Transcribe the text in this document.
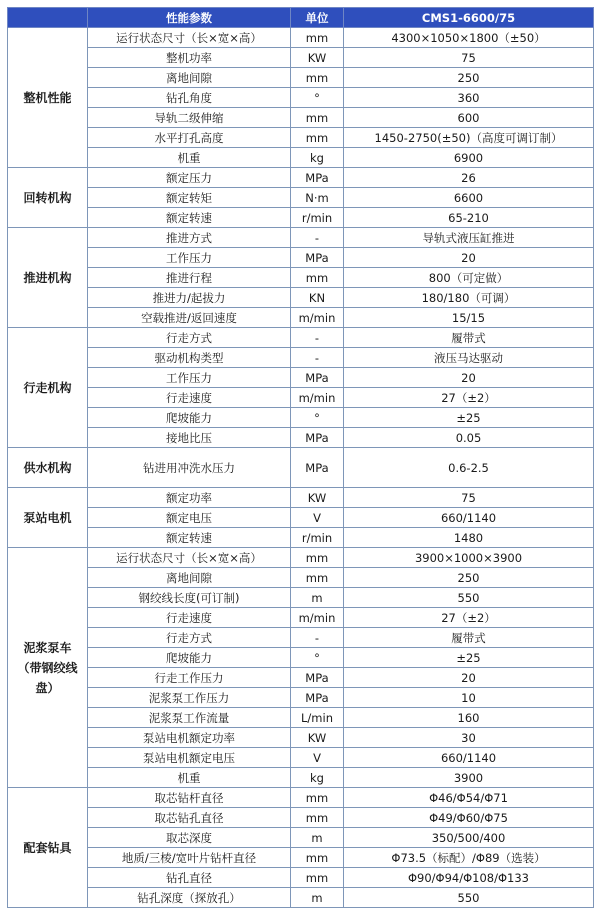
	性能参数	单位	CMS1-6600/75
整机性能	运行状态尺寸（长×宽×高）	mm	4300×1050×1800（±50）
	整机功率	KW	75
	离地间隙	mm	250
	钻孔角度	°	360
	导轨二级伸缩	mm	600
	水平打孔高度	mm	1450-2750(±50)（高度可调订制）
	机重	kg	6900
回转机构	额定压力	MPa	26
	额定转矩	N·m	6600
	额定转速	r/min	65-210
推进机构	推进方式	-	导轨式液压缸推进
	工作压力	MPa	20
	推进行程	mm	800（可定做）
	推进力/起拔力	KN	180/180（可调）
	空载推进/返回速度	m/min	15/15
行走机构	行走方式	-	履带式
	驱动机构类型	-	液压马达驱动
	工作压力	MPa	20
	行走速度	m/min	27（±2）
	爬坡能力	°	±25
	接地比压	MPa	0.05
供水机构	钻进用冲洗水压力	MPa	0.6-2.5
泵站电机	额定功率	KW	75
	额定电压	V	660/1140
	额定转速	r/min	1480
泥浆泵车（带钢绞线盘）	运行状态尺寸（长×宽×高）	mm	3900×1000×3900
	离地间隙	mm	250
	钢绞线长度(可订制)	m	550
	行走速度	m/min	27（±2）
	行走方式	-	履带式
	爬坡能力	°	±25
	行走工作压力	MPa	20
	泥浆泵工作压力	MPa	10
	泥浆泵工作流量	L/min	160
	泵站电机额定功率	KW	30
	泵站电机额定电压	V	660/1140
	机重	kg	3900
配套钻具	取芯钻杆直径	mm	Φ46/Φ54/Φ71
	取芯钻孔直径	mm	Φ49/Φ60/Φ75
	取芯深度	m	350/500/400
	地质/三棱/宽叶片钻杆直径	mm	Φ73.5（标配）/Φ89（选装）
	钻孔直径	mm	Φ90/Φ94/Φ108/Φ133
	钻孔深度（探放孔）	m	550
